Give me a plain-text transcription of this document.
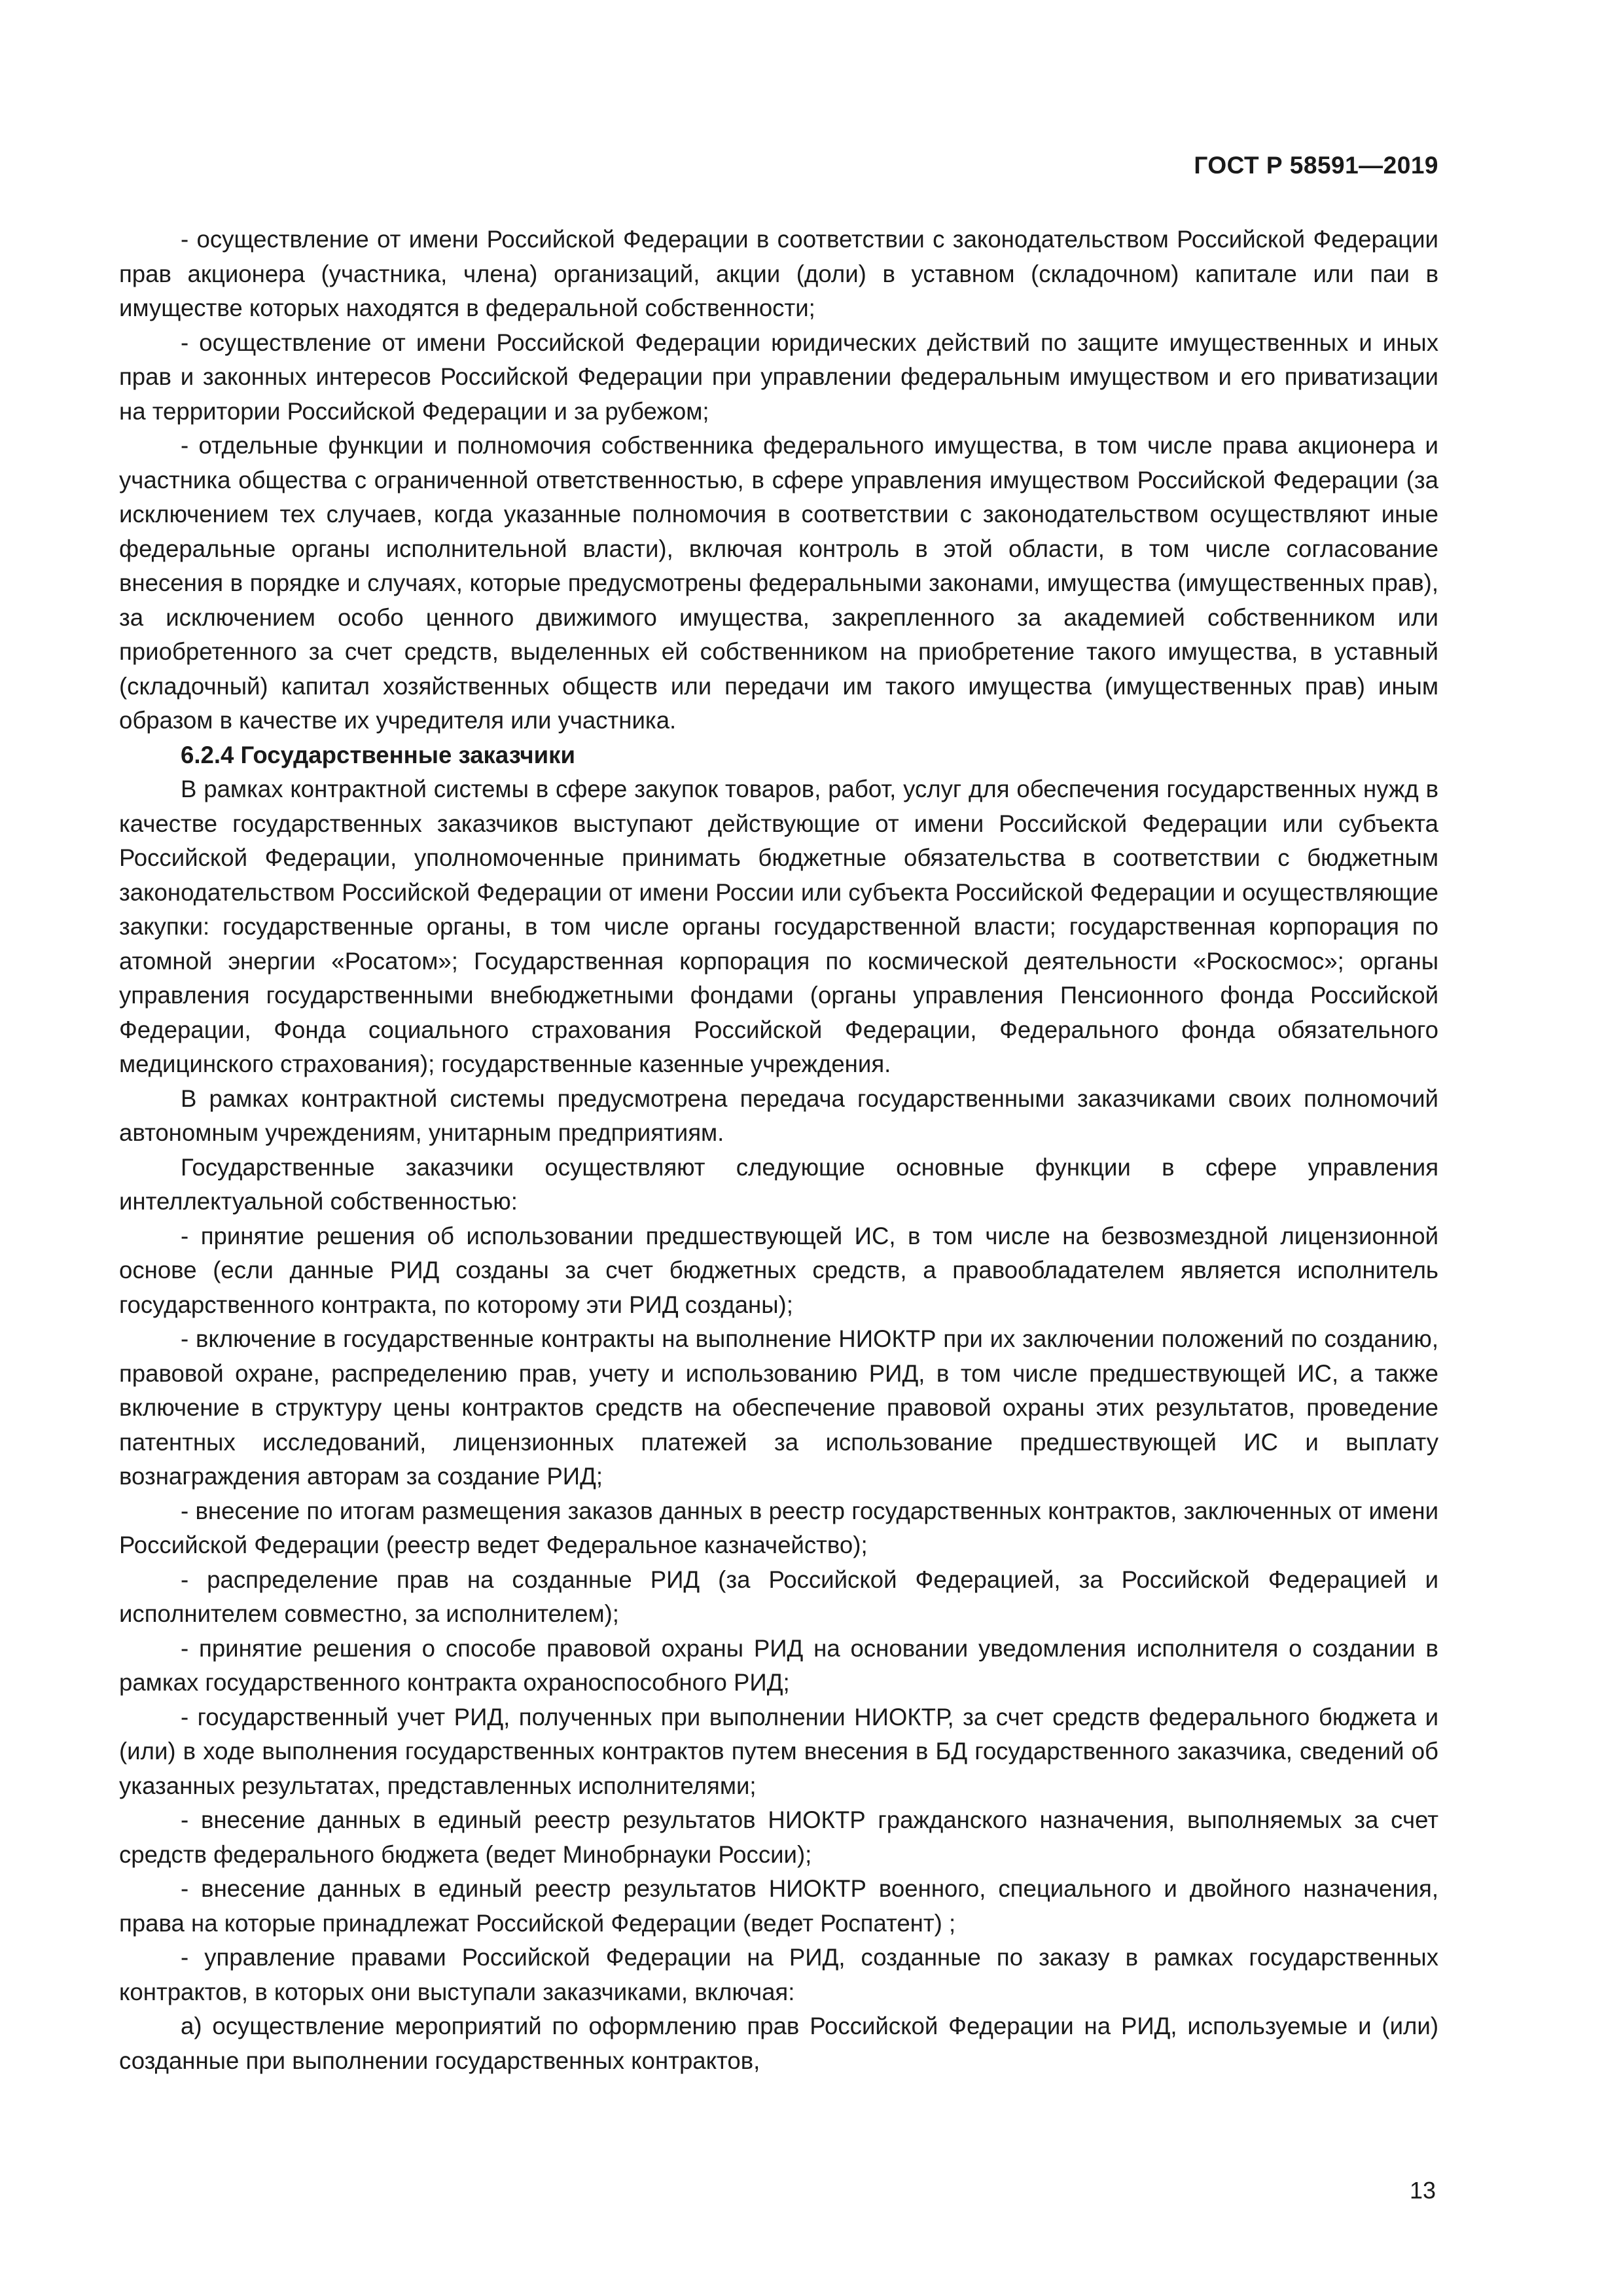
ГОСТ Р 58591—2019

- осуществление от имени Российской Федерации в соответствии с законодательством Российской Федерации прав акционера (участника, члена) организаций, акции (доли) в уставном (складочном) капитале или паи в имуществе которых находятся в федеральной собственности;

- осуществление от имени Российской Федерации юридических действий по защите имущественных и иных прав и законных интересов Российской Федерации при управлении федеральным имуществом и его приватизации на территории Российской Федерации и за рубежом;

- отдельные функции и полномочия собственника федерального имущества, в том числе права акционера и участника общества с ограниченной ответственностью, в сфере управления имуществом Российской Федерации (за исключением тех случаев, когда указанные полномочия в соответствии с законодательством осуществляют иные федеральные органы исполнительной власти), включая контроль в этой области, в том числе согласование внесения в порядке и случаях, которые предусмотрены федеральными законами, имущества (имущественных прав), за исключением особо ценного движимого имущества, закрепленного за академией собственником или приобретенного за счет средств, выделенных ей собственником на приобретение такого имущества, в уставный (складочный) капитал хозяйственных обществ или передачи им такого имущества (имущественных прав) иным образом в качестве их учредителя или участника.

6.2.4 Государственные заказчики

В рамках контрактной системы в сфере закупок товаров, работ, услуг для обеспечения государственных нужд в качестве государственных заказчиков выступают действующие от имени Российской Федерации или субъекта Российской Федерации, уполномоченные принимать бюджетные обязательства в соответствии с бюджетным законодательством Российской Федерации от имени России или субъекта Российской Федерации и осуществляющие закупки: государственные органы, в том числе органы государственной власти; государственная корпорация по атомной энергии «Росатом»; Государственная корпорация по космической деятельности «Роскосмос»; органы управления государственными внебюджетными фондами (органы управления Пенсионного фонда Российской Федерации, Фонда социального страхования Российской Федерации, Федерального фонда обязательного медицинского страхования); государственные казенные учреждения.

В рамках контрактной системы предусмотрена передача государственными заказчиками своих полномочий автономным учреждениям, унитарным предприятиям.

Государственные заказчики осуществляют следующие основные функции в сфере управления интеллектуальной собственностью:

- принятие решения об использовании предшествующей ИС, в том числе на безвозмездной лицензионной основе (если данные РИД созданы за счет бюджетных средств, а правообладателем является исполнитель государственного контракта, по которому эти РИД созданы);

- включение в государственные контракты на выполнение НИОКТР при их заключении положений по созданию, правовой охране, распределению прав, учету и использованию РИД, в том числе предшествующей ИС, а также включение в структуру цены контрактов средств на обеспечение правовой охраны этих результатов, проведение патентных исследований, лицензионных платежей за использование предшествующей ИС и выплату вознаграждения авторам за создание РИД;

- внесение по итогам размещения заказов данных в реестр государственных контрактов, заключенных от имени Российской Федерации (реестр ведет Федеральное казначейство);

- распределение прав на созданные РИД (за Российской Федерацией, за Российской Федерацией и исполнителем совместно, за исполнителем);

- принятие решения о способе правовой охраны РИД на основании уведомления исполнителя о создании в рамках государственного контракта охраноспособного РИД;

- государственный учет РИД, полученных при выполнении НИОКТР, за счет средств федерального бюджета и (или) в ходе выполнения государственных контрактов путем внесения в БД государственного заказчика, сведений об указанных результатах, представленных исполнителями;

- внесение данных в единый реестр результатов НИОКТР гражданского назначения, выполняемых за счет средств федерального бюджета (ведет Минобрнауки России);

- внесение данных в единый реестр результатов НИОКТР военного, специального и двойного назначения, права на которые принадлежат Российской Федерации (ведет Роспатент) ;

- управление правами Российской Федерации на РИД, созданные по заказу в рамках государственных контрактов, в которых они выступали заказчиками, включая:

а) осуществление мероприятий по оформлению прав Российской Федерации на РИД, используемые и (или) созданные при выполнении государственных контрактов,

13
